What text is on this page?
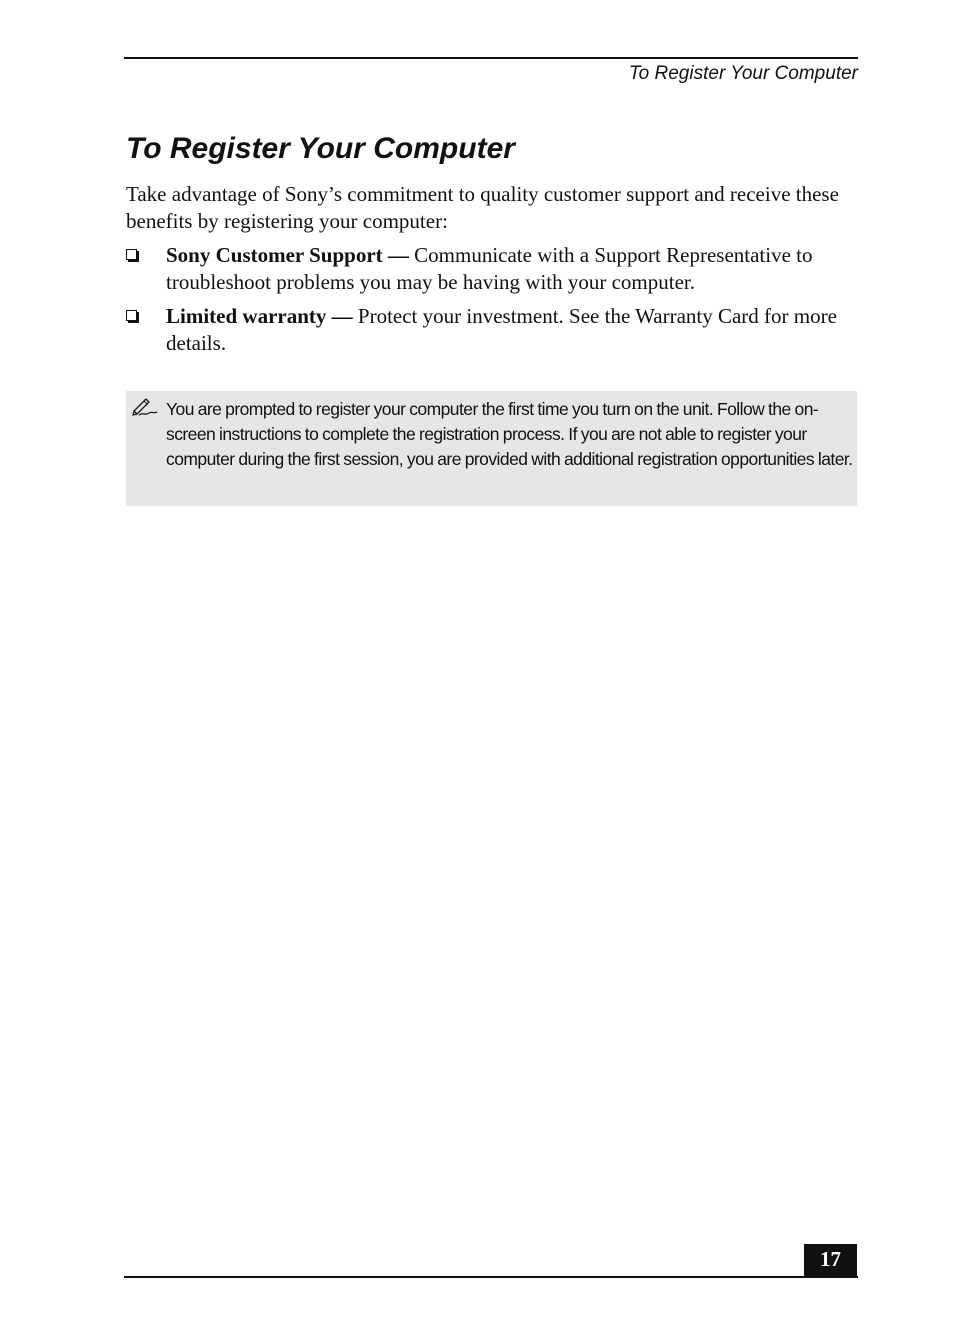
To Register Your Computer
To Register Your Computer

Take advantage of Sony’s commitment to quality customer support and receive these benefits by registering your computer:

Sony Customer Support — Communicate with a Support Representative to troubleshoot problems you may be having with your computer.
Limited warranty — Protect your investment. See the Warranty Card for more details.

You are prompted to register your computer the first time you turn on the unit. Follow the on-screen instructions to complete the registration process. If you are not able to register your computer during the first session, you are provided with additional registration opportunities later.

17
